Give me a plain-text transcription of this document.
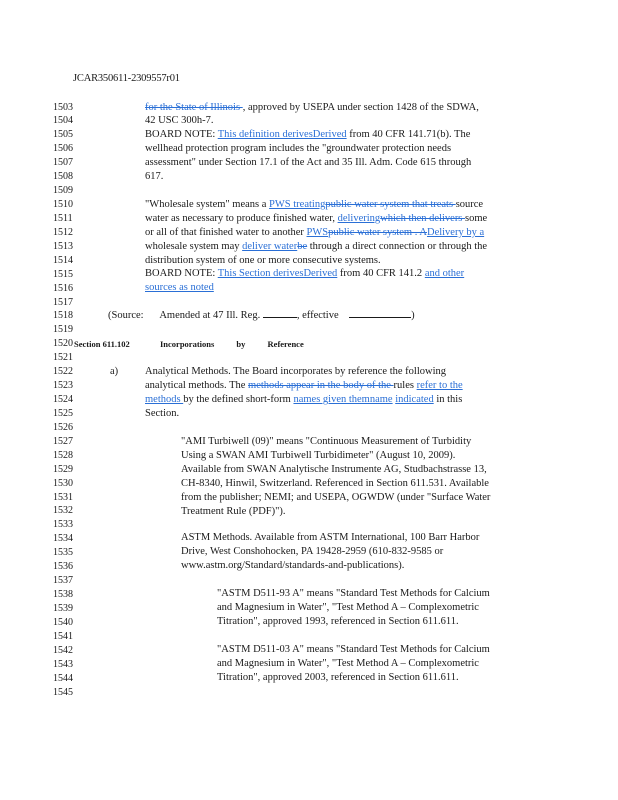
JCAR350611-2309557r01
1503
1504
1505
1506
1507
1508
1509
1510
1511
1512
1513
1514
1515
1516
1517
1518
1519
1520
1521
1522
1523
1524
1525
1526
1527
1528
1529
1530
1531
1532
1533
1534
1535
1536
1537
1538
1539
1540
1541
1542
1543
1544
1545
for the State of Illinois , approved by USEPA under section 1428 of the SDWA,
42 USC 300h-7.
BOARD NOTE: This definition derivesDerived from 40 CFR 141.71(b). The
wellhead protection program includes the "groundwater protection needs
assessment" under Section 17.1 of the Act and 35 Ill. Adm. Code 615 through
617.
"Wholesale system" means a PWS treatingpublic water system that treats source
water as necessary to produce finished water, deliveringwhich then delivers some
or all of that finished water to another PWSpublic water system . ADelivery by a
wholesale system may deliver waterbe through a direct connection or through the
distribution system of one or more consecutive systems.
BOARD NOTE: This Section derivesDerived from 40 CFR 141.2 and other
sources as noted
(Source: Amended at 47 Ill. Reg.	, effective	)
Section 611.102	Incorporations by Reference
a)	Analytical Methods. The Board incorporates by reference the following
analytical methods. The methods appear in the body of the rules refer to the
methods by the defined short-form names given themname indicated in this
Section.
"AMI Turbiwell (09)" means "Continuous Measurement of Turbidity
Using a SWAN AMI Turbiwell Turbidimeter" (August 10, 2009).
Available from SWAN Analytische Instrumente AG, Studbachstrasse 13,
CH-8340, Hinwil, Switzerland. Referenced in Section 611.531. Available
from the publisher; NEMI; and USEPA, OGWDW (under "Surface Water
Treatment Rule (PDF)").
ASTM Methods. Available from ASTM International, 100 Barr Harbor
Drive, West Conshohocken, PA 19428-2959 (610-832-9585 or
www.astm.org/Standard/standards-and-publications).
"ASTM D511-93 A" means "Standard Test Methods for Calcium
and Magnesium in Water", "Test Method A – Complexometric
Titration", approved 1993, referenced in Section 611.611.
"ASTM D511-03 A" means "Standard Test Methods for Calcium
and Magnesium in Water", "Test Method A – Complexometric
Titration", approved 2003, referenced in Section 611.611.
